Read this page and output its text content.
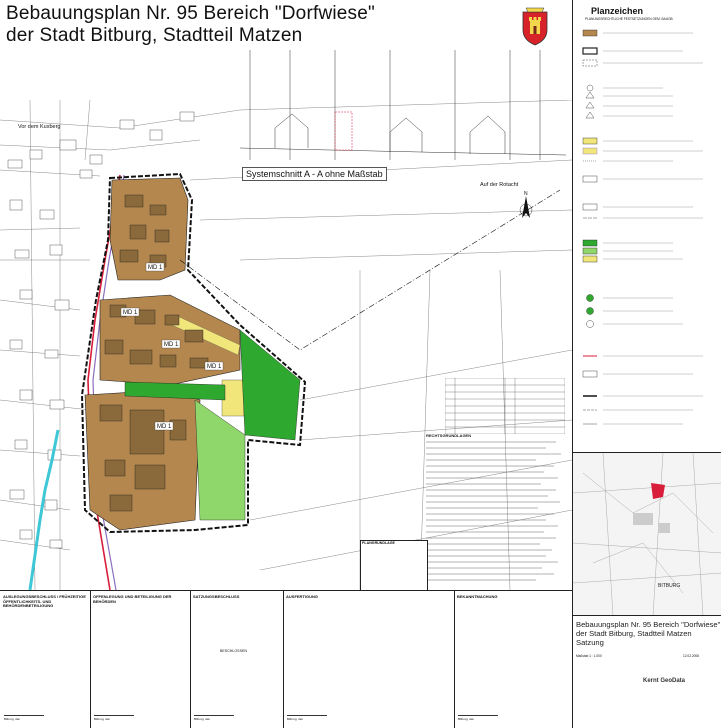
Bebauungsplan Nr. 95 Bereich "Dorfwiese"
der Stadt Bitburg, Stadtteil Matzen
MD 1
MD 1
MD 1
MD 1
MD 1
Vor dem Kuxberg
Auf der Rotacht
N
Systemschnitt A - A ohne Maßstab
RECHTSGRUNDLAGEN
PLANGRUNDLAGE
Planzeichen
PLANUNGSRECHTLICHE FESTSETZUNGEN GEM. BAUGB
BITBURG
Bebauungsplan Nr. 95 Bereich "Dorfwiese"
der Stadt Bitburg, Stadtteil Matzen
Satzung
Maßstab 1 : 1.000	12.02.2008
Kernt GeoData
AUSLEGUNGSBESCHLUSS / FRÜHZEITIGE ÖFFENTLICHKEITS- UND BEHÖRDENBETEILIGUNG
Bitburg, den
OFFENLEGUNG UND BETEILIGUNG DER BEHÖRDEN
Bitburg, den
SATZUNGSBESCHLUSS
BESCHLOSSEN
Bitburg, den
AUSFERTIGUNG
Bitburg, den
BEKANNTMACHUNG
Bitburg, den
